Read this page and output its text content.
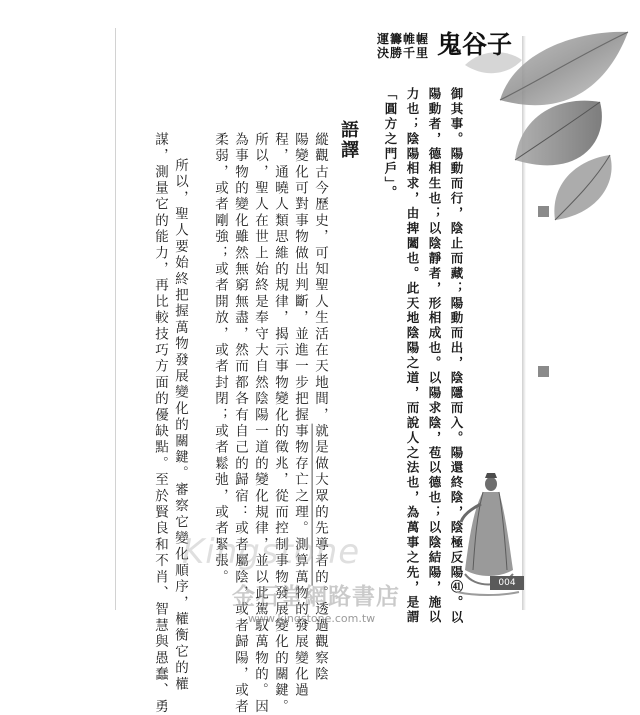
運籌帷幄
決勝千里 鬼谷子
御其事。陽動而行，陰止而藏；陽動而出，陰隱而入。陽還終陰，陰極反陽㊶。以
陽動者，德相生也；以陰靜者，形相成也。以陽求陰，苞以德也；以陰結陽，施以
力也；陰陽相求，由捭闔也。此天地陰陽之道，而說人之法也，為萬事之先，是謂
「圓方之門戶」。
語譯
縱觀古今歷史，可知聖人生活在天地間，就是做大眾的先導者的。透過觀察陰
陽變化可對事物做出判斷，並進一步把握事物存亡之理。測算萬物的發展變化過
程，通曉人類思維的規律，揭示事物變化的徵兆，從而控制事物發展變化的關鍵。
所以，聖人在世上始終是奉守大自然陰陽一道的變化規律，並以此駕馭萬物的。因
為事物的變化雖然無窮無盡，然而都各有自己的歸宿：或者屬陰，或者歸陽，或者
柔弱，或者剛強；或者開放，或者封閉；或者鬆弛，或者緊張。
所以，聖人要始終把握萬物發展變化的關鍵。審察它變化順序，權衡它的權
謀，測量它的能力，再比較技巧方面的優缺點。至於賢良和不肖、智慧與愚蠢、勇	004
Kingstone
金石堂網路書店
www.kingstone.com.tw
